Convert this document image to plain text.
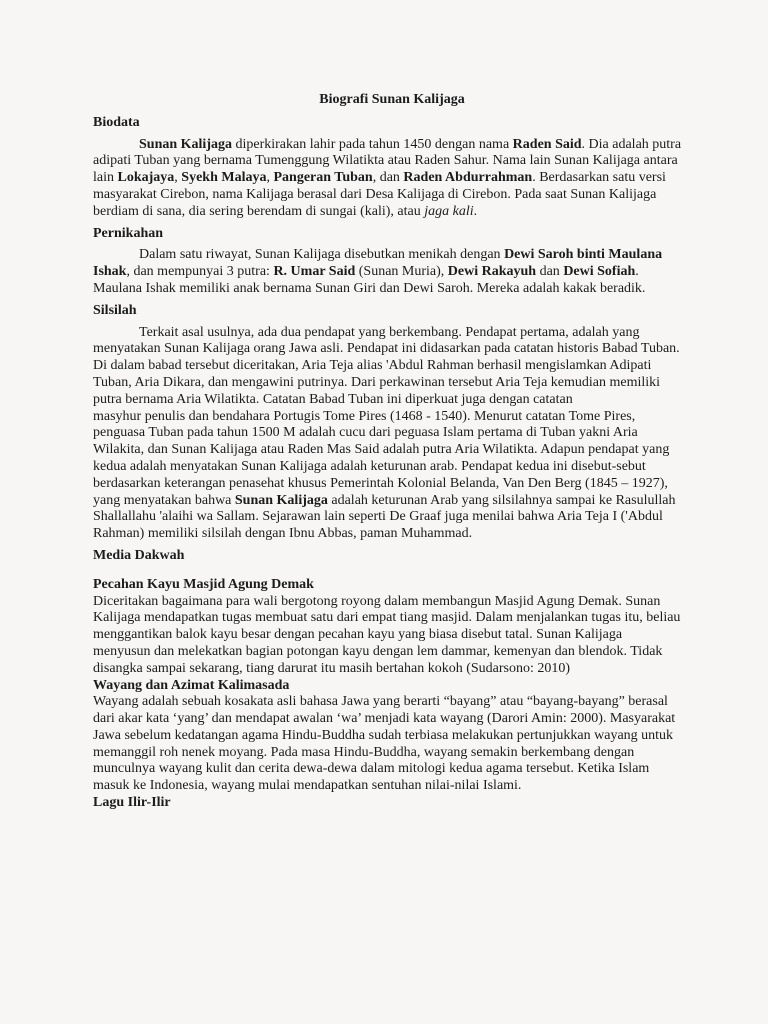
Biografi Sunan Kalijaga
Biodata

Sunan Kalijaga diperkirakan lahir pada tahun 1450 dengan nama Raden Said. Dia adalah putra adipati Tuban yang bernama Tumenggung Wilatikta atau Raden Sahur. Nama lain Sunan Kalijaga antara lain Lokajaya, Syekh Malaya, Pangeran Tuban, dan Raden Abdurrahman. Berdasarkan satu versi masyarakat Cirebon, nama Kalijaga berasal dari Desa Kalijaga di Cirebon. Pada saat Sunan Kalijaga berdiam di sana, dia sering berendam di sungai (kali), atau jaga kali.

Pernikahan

Dalam satu riwayat, Sunan Kalijaga disebutkan menikah dengan Dewi Saroh binti Maulana Ishak, dan mempunyai 3 putra: R. Umar Said (Sunan Muria), Dewi Rakayuh dan Dewi Sofiah. Maulana Ishak memiliki anak bernama Sunan Giri dan Dewi Saroh. Mereka adalah kakak beradik.

Silsilah

Terkait asal usulnya, ada dua pendapat yang berkembang. Pendapat pertama, adalah yang menyatakan Sunan Kalijaga orang Jawa asli. Pendapat ini didasarkan pada catatan historis Babad Tuban. Di dalam babad tersebut diceritakan, Aria Teja alias 'Abdul Rahman berhasil mengislamkan Adipati Tuban, Aria Dikara, dan mengawini putrinya. Dari perkawinan tersebut Aria Teja kemudian memiliki putra bernama Aria Wilatikta. Catatan Babad Tuban ini diperkuat juga dengan catatan

masyhur penulis dan bendahara Portugis Tome Pires (1468 - 1540). Menurut catatan Tome Pires, penguasa Tuban pada tahun 1500 M adalah cucu dari peguasa Islam pertama di Tuban yakni Aria Wilakita, dan Sunan Kalijaga atau Raden Mas Said adalah putra Aria Wilatikta. Adapun pendapat yang kedua adalah menyatakan Sunan Kalijaga adalah keturunan arab. Pendapat kedua ini disebut-sebut berdasarkan keterangan penasehat khusus Pemerintah Kolonial Belanda, Van Den Berg (1845 – 1927), yang menyatakan bahwa Sunan Kalijaga adalah keturunan Arab yang silsilahnya sampai ke Rasulullah Shallallahu 'alaihi wa Sallam. Sejarawan lain seperti De Graaf juga menilai bahwa Aria Teja I ('Abdul Rahman) memiliki silsilah dengan Ibnu Abbas, paman Muhammad.

Media Dakwah
Pecahan Kayu Masjid Agung Demak

Diceritakan bagaimana para wali bergotong royong dalam membangun Masjid Agung Demak. Sunan Kalijaga mendapatkan tugas membuat satu dari empat tiang masjid. Dalam menjalankan tugas itu, beliau menggantikan balok kayu besar dengan pecahan kayu yang biasa disebut tatal. Sunan Kalijaga menyusun dan melekatkan bagian potongan kayu dengan lem dammar, kemenyan dan blendok. Tidak disangka sampai sekarang, tiang darurat itu masih bertahan kokoh (Sudarsono: 2010)

Wayang dan Azimat Kalimasada

Wayang adalah sebuah kosakata asli bahasa Jawa yang berarti “bayang” atau “bayang-bayang” berasal dari akar kata ‘yang’ dan mendapat awalan ‘wa’ menjadi kata wayang (Darori Amin: 2000). Masyarakat Jawa sebelum kedatangan agama Hindu-Buddha sudah terbiasa melakukan pertunjukkan wayang untuk memanggil roh nenek moyang. Pada masa Hindu-Buddha, wayang semakin berkembang dengan munculnya wayang kulit dan cerita dewa-dewa dalam mitologi kedua agama tersebut. Ketika Islam masuk ke Indonesia, wayang mulai mendapatkan sentuhan nilai-nilai Islami.

Lagu Ilir-Ilir
